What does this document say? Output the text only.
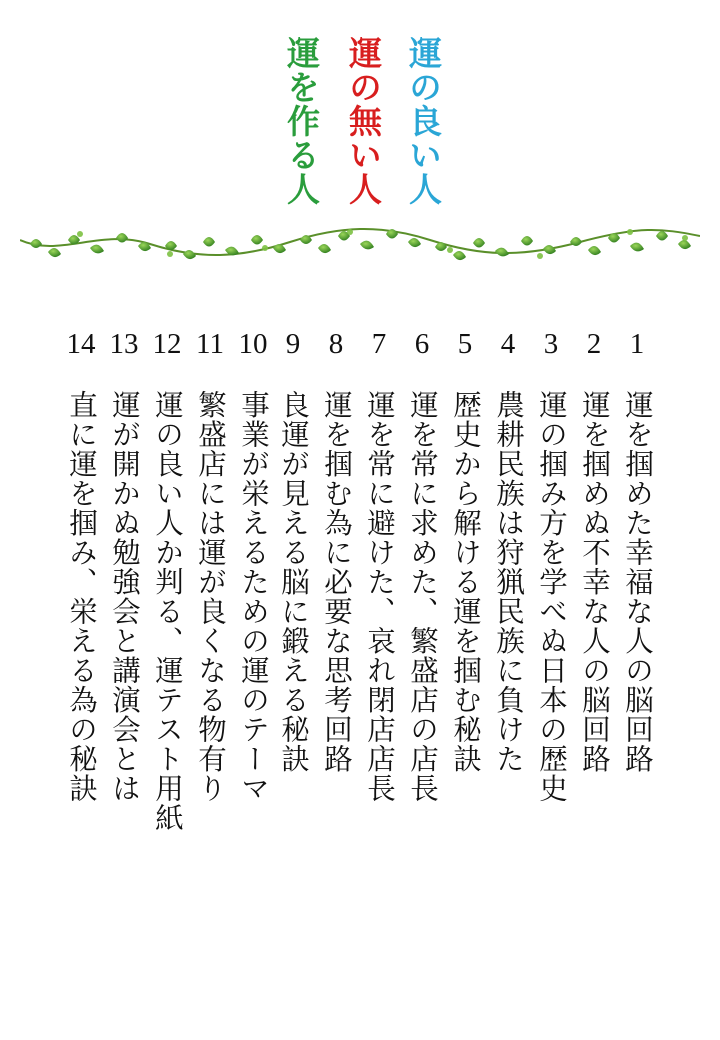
運の良い人
運の無い人
運を作る人
1
2
3
4
5
6
7
8
9
10
11
12
13
14
運を掴めた幸福な人の脳回路
運を掴めぬ不幸な人の脳回路
運の掴み方を学べぬ日本の歴史
農耕民族は狩猟民族に負けた
歴史から解ける運を掴む秘訣
運を常に求めた、繁盛店の店長
運を常に避けた、哀れ閉店店長
運を掴む為に必要な思考回路
良運が見える脳に鍛える秘訣
事業が栄えるための運のテーマ
繁盛店には運が良くなる物有り
運の良い人か判る、運テスト用紙
運が開かぬ勉強会と講演会とは
直に運を掴み、栄える為の秘訣
